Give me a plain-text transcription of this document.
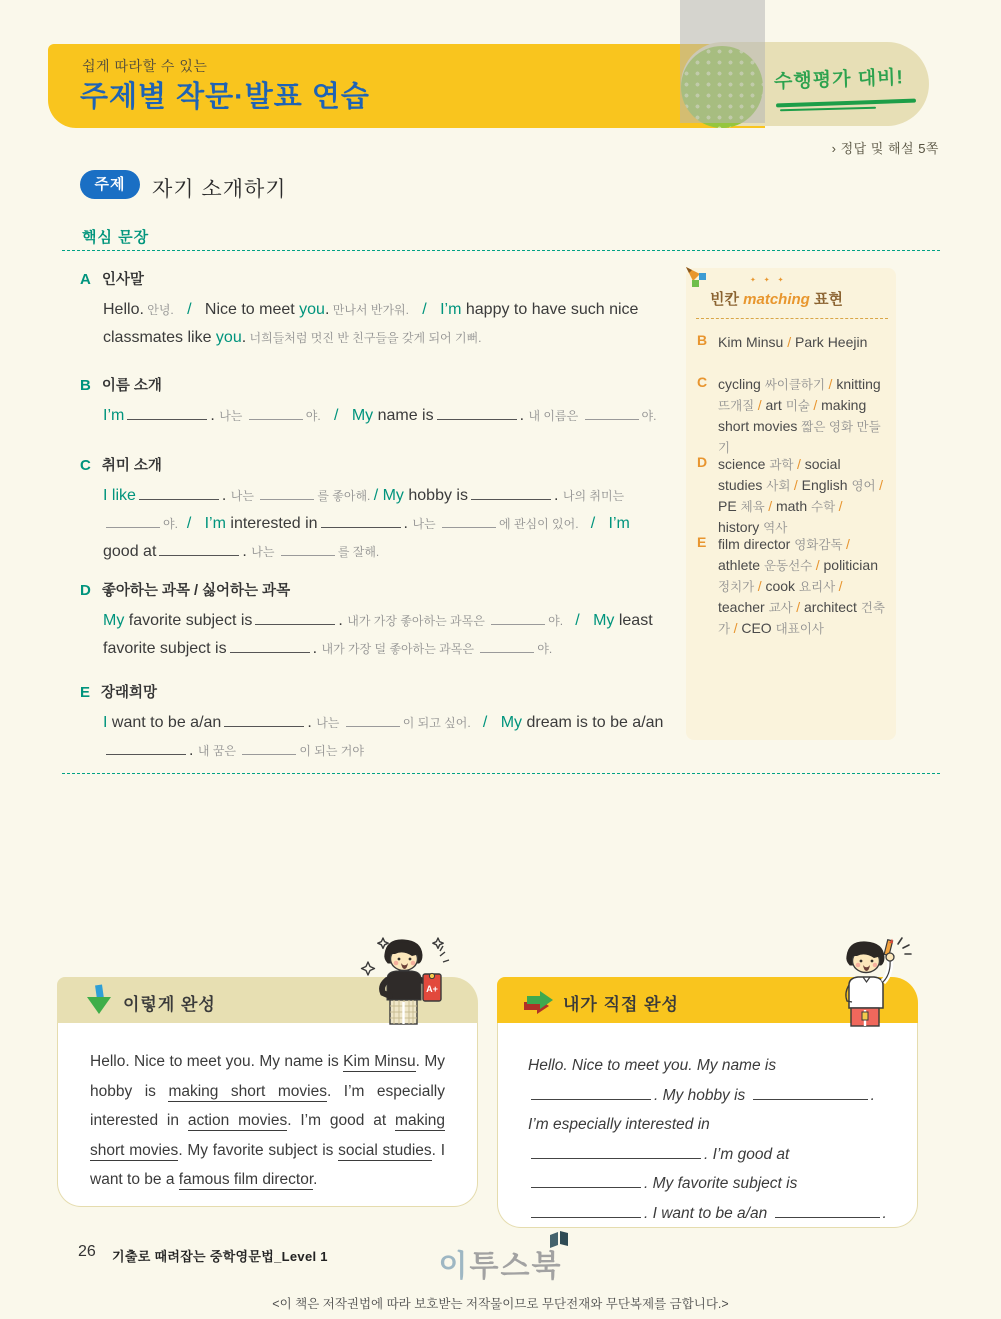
쉽게 따라할 수 있는
주제별 작문·발표 연습
수행평가 대비!
› 정답 및 해설 5쪽
주제	자기 소개하기
핵심 문장
A 인사말
Hello. 안녕.   /   Nice to meet you. 만나서 반가워.   /   I’m happy to have such nice classmates like you. 너희들처럼 멋진 반 친구들을 갖게 되어 기뻐.
B 이름 소개
I’m	. 나는	야.   /   My name is	. 내 이름은	야.
C 취미 소개
I like	. 나는	를 좋아해. / My hobby is	. 나의 취미는 야.  /   I’m interested in	. 나는	에 관심이 있어.   /   I’m good at	. 나는	를 잘해.
D 좋아하는 과목 / 싫어하는 과목
My favorite subject is	. 내가 가장 좋아하는 과목은	야.   /   My least favorite subject is	. 내가 가장 덜 좋아하는 과목은	야.
E 장래희망
I want to be a/an	. 나는	이 되고 싶어.   /   My dream is to be a/an. 내 꿈은	이 되는 거야
✦ ✦ ✦
빈칸 matching 표현
B Kim Minsu / Park Heejin
C cycling 싸이클하기 / knitting 뜨개질 / art 미술 / making short movies 짧은 영화 만들기
D science 과학 / social studies 사회 / English 영어 / PE 체육 / math 수학 / history 역사
E film director 영화감독 / athlete 운동선수 / politician 정치가 / cook 요리사 / teacher 교사 / architect 건축가 / CEO 대표이사
이렇게 완성
Hello. Nice to meet you. My name is Kim Minsu. My hobby is making short movies. I’m especially interested in action movies. I’m good at making short movies. My favorite subject is social studies. I want to be a famous film director.
내가 직접 완성
Hello. Nice to meet you. My name is . My hobby is	. I’m especially interested in . I’m good at . My favorite subject is . I want to be a/an	.
A+
26 기출로 때려잡는 중학영문법_Level 1	이투스북
<이 책은 저작권법에 따라 보호받는 저작물이므로 무단전재와 무단복제를 금합니다.>
